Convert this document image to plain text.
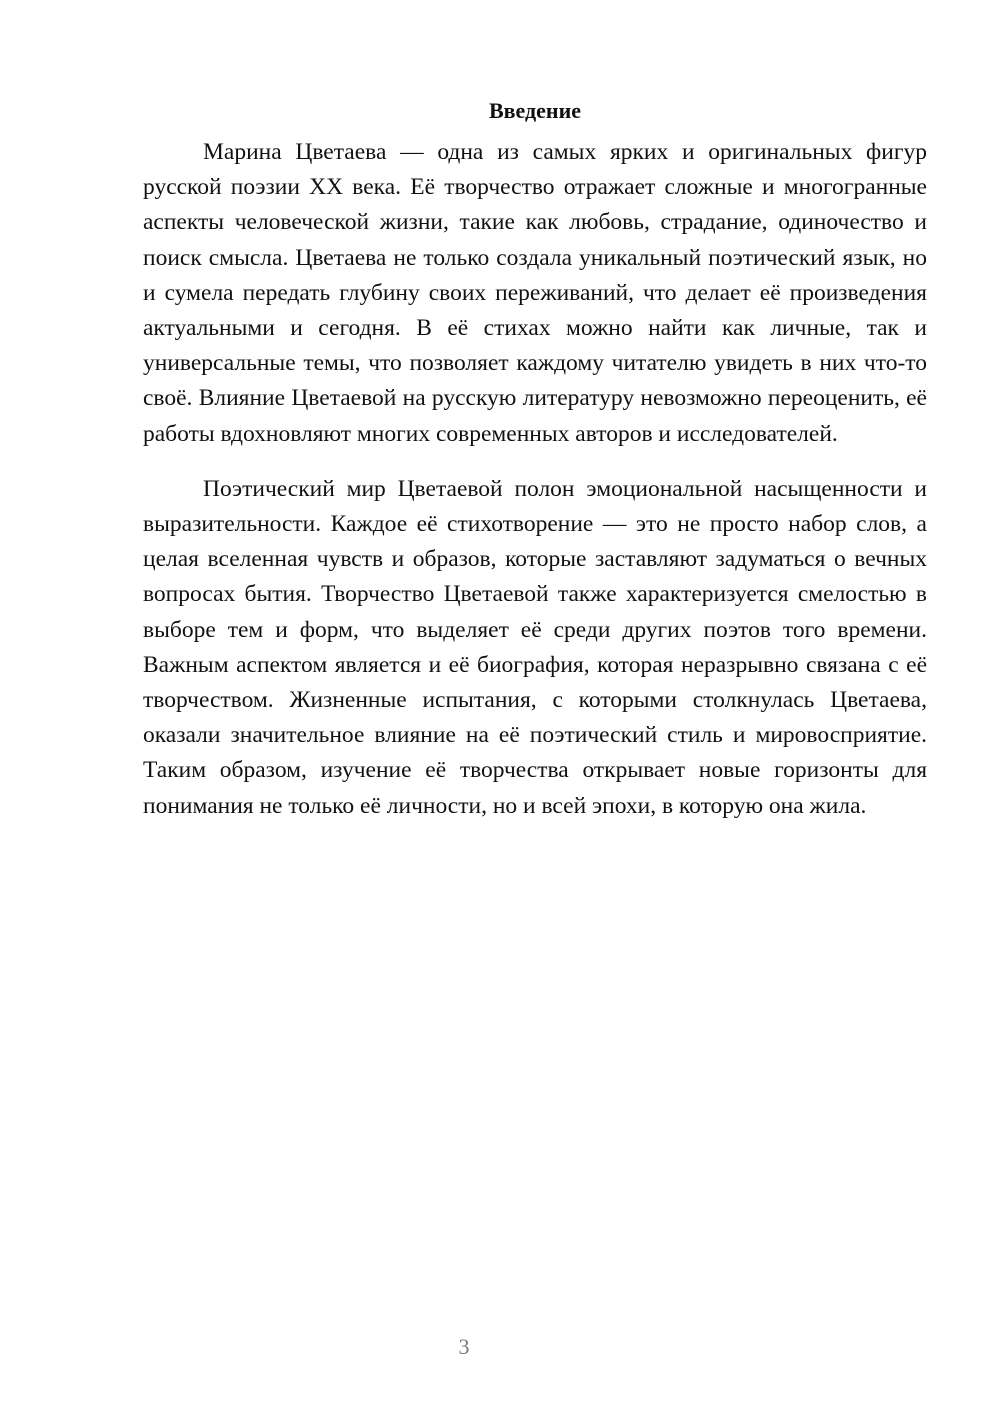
Введение

Марина Цветаева — одна из самых ярких и оригинальных фигур русской поэзии XX века. Её творчество отражает сложные и многогранные аспекты человеческой жизни, такие как любовь, страдание, одиночество и поиск смысла. Цветаева не только создала уникальный поэтический язык, но и сумела передать глубину своих переживаний, что делает её произведения актуальными и сегодня. В её стихах можно найти как личные, так и универсальные темы, что позволяет каждому читателю увидеть в них что-то своё. Влияние Цветаевой на русскую литературу невозможно переоценить, её работы вдохновляют многих современных авторов и исследователей.

Поэтический мир Цветаевой полон эмоциональной насыщенности и выразительности. Каждое её стихотворение — это не просто набор слов, а целая вселенная чувств и образов, которые заставляют задуматься о вечных вопросах бытия. Творчество Цветаевой также характеризуется смелостью в выборе тем и форм, что выделяет её среди других поэтов того времени. Важным аспектом является и её биография, которая неразрывно связана с её творчеством. Жизненные испытания, с которыми столкнулась Цветаева, оказали значительное влияние на её поэтический стиль и мировосприятие. Таким образом, изучение её творчества открывает новые горизонты для понимания не только её личности, но и всей эпохи, в которую она жила.

3
